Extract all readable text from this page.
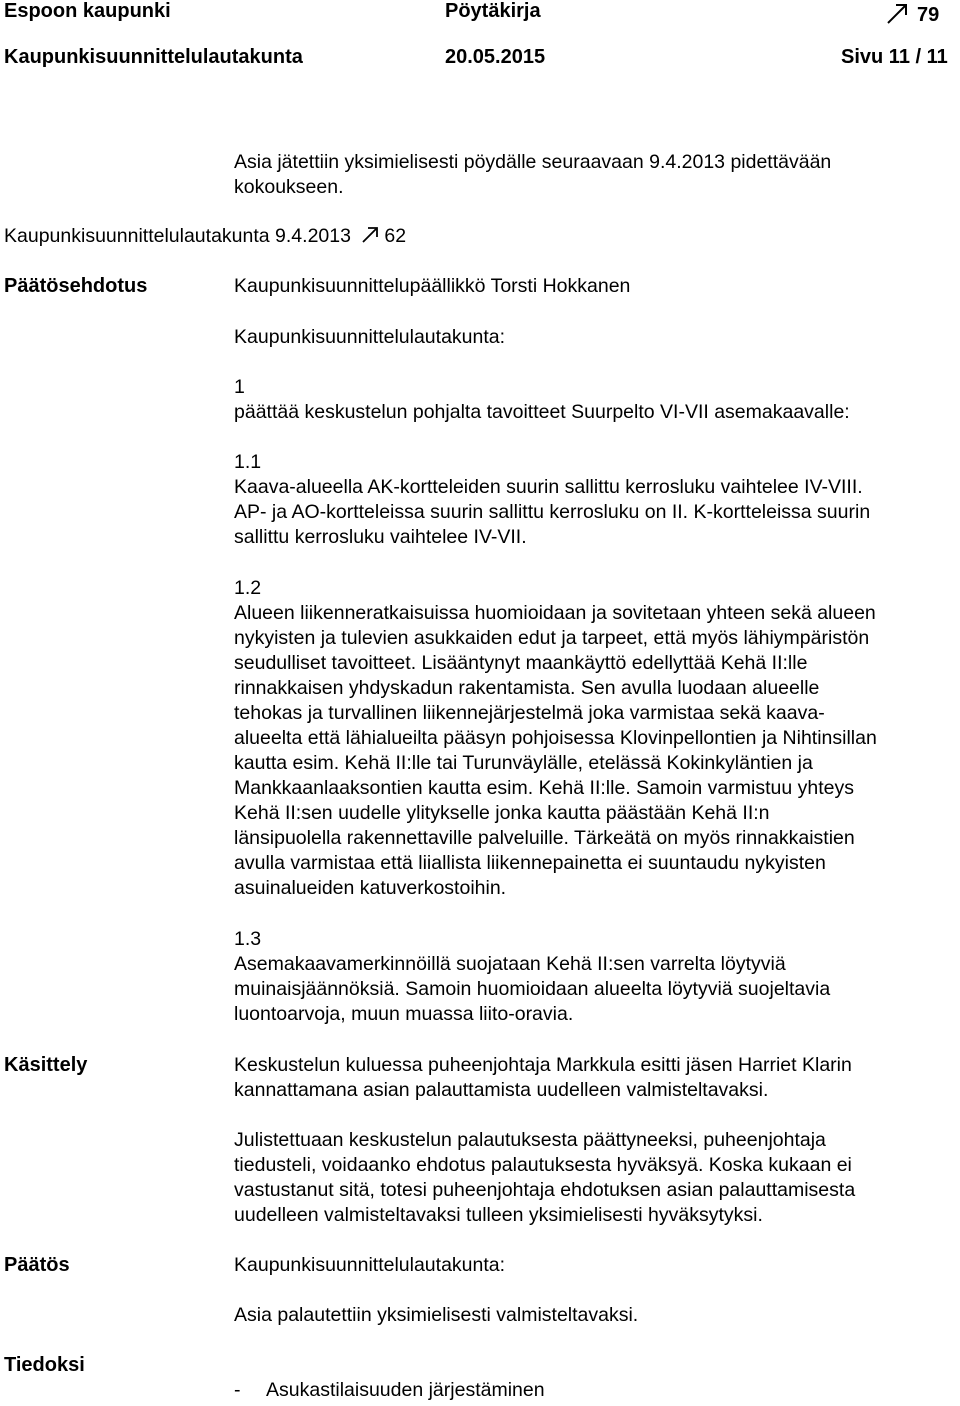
Espoon kaupunki	Pöytäkirja	79
Kaupunkisuunnittelulautakunta	20.05.2015	Sivu 11 / 11
Asia jätettiin yksimielisesti pöydälle seuraavaan 9.4.2013 pidettävään
kokoukseen.
Kaupunkisuunnittelulautakunta 9.4.2013 62
Päätösehdotus	Kaupunkisuunnittelupäällikkö Torsti Hokkanen
Kaupunkisuunnittelulautakunta:
1
päättää keskustelun pohjalta tavoitteet Suurpelto VI-VII asemakaavalle:
1.1
Kaava-alueella AK-kortteleiden suurin sallittu kerrosluku vaihtelee IV-VIII.
AP- ja AO-kortteleissa suurin sallittu kerrosluku on II. K-kortteleissa suurin
sallittu kerrosluku vaihtelee IV-VII.
1.2
Alueen liikenneratkaisuissa huomioidaan ja sovitetaan yhteen sekä alueen
nykyisten ja tulevien asukkaiden edut ja tarpeet, että myös lähiympäristön
seudulliset tavoitteet. Lisääntynyt maankäyttö edellyttää Kehä II:lle
rinnakkaisen yhdyskadun rakentamista. Sen avulla luodaan alueelle
tehokas ja turvallinen liikennejärjestelmä joka varmistaa sekä kaava-
alueelta että lähialueilta pääsyn pohjoisessa Klovinpellontien ja Nihtinsillan
kautta esim. Kehä II:lle tai Turunväylälle, etelässä Kokinkyläntien ja
Mankkaanlaaksontien kautta esim. Kehä II:lle. Samoin varmistuu yhteys
Kehä II:sen uudelle ylitykselle jonka kautta päästään Kehä II:n
länsipuolella rakennettaville palveluille. Tärkeätä on myös rinnakkaistien
avulla varmistaa että liiallista liikennepainetta ei suuntaudu nykyisten
asuinalueiden katuverkostoihin.
1.3
Asemakaavamerkinnöillä suojataan Kehä II:sen varrelta löytyviä
muinaisjäännöksiä. Samoin huomioidaan alueelta löytyviä suojeltavia
luontoarvoja, muun muassa liito-oravia.
Käsittely	Keskustelun kuluessa puheenjohtaja Markkula esitti jäsen Harriet Klarin
kannattamana asian palauttamista uudelleen valmisteltavaksi.
Julistettuaan keskustelun palautuksesta päättyneeksi, puheenjohtaja
tiedusteli, voidaanko ehdotus palautuksesta hyväksyä. Koska kukaan ei
vastustanut sitä, totesi puheenjohtaja ehdotuksen asian palauttamisesta
uudelleen valmisteltavaksi tulleen yksimielisesti hyväksytyksi.
Päätös	Kaupunkisuunnittelulautakunta:
Asia palautettiin yksimielisesti valmisteltavaksi.
Tiedoksi
- Asukastilaisuuden järjestäminen
